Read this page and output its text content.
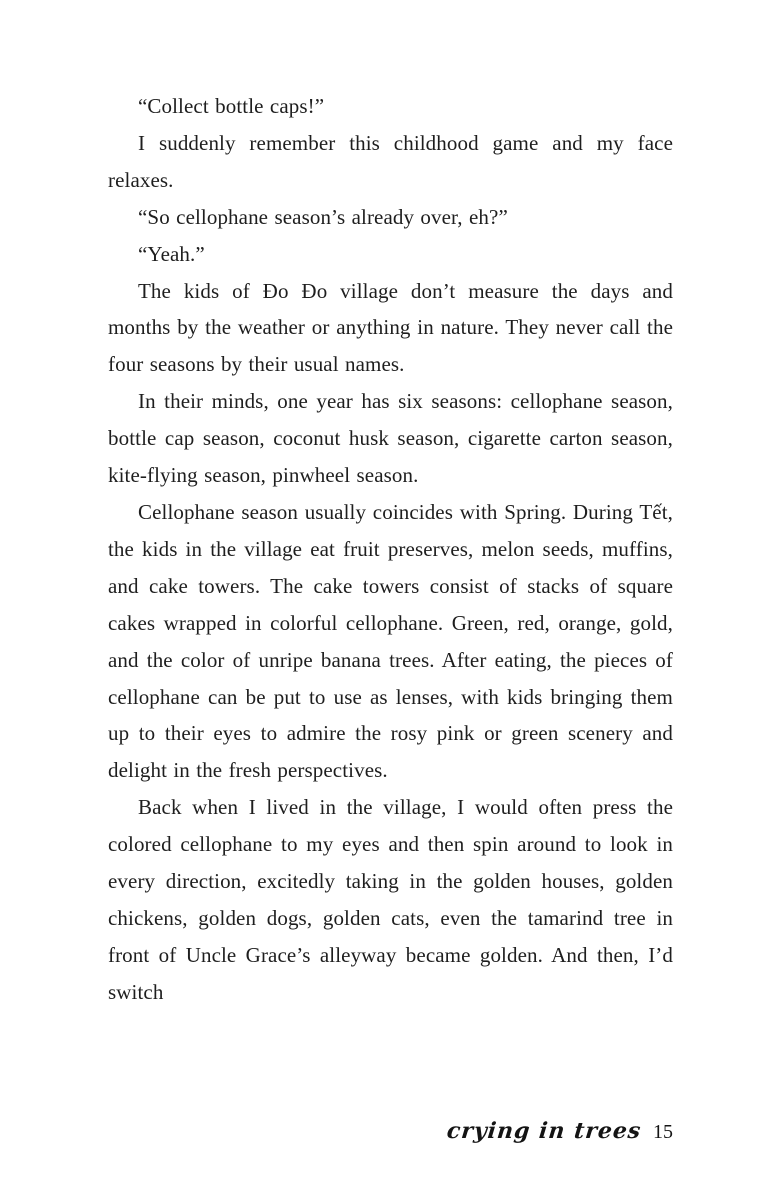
“Collect bottle caps!”

I suddenly remember this childhood game and my face relaxes.

“So cellophane season’s already over, eh?”

“Yeah.”

The kids of Đo Đo village don’t measure the days and months by the weather or anything in nature. They never call the four seasons by their usual names.

In their minds, one year has six seasons: cellophane season, bottle cap season, coconut husk season, cigarette carton season, kite-flying season, pinwheel season.

Cellophane season usually coincides with Spring. During Tết, the kids in the village eat fruit preserves, melon seeds, muffins, and cake towers. The cake towers consist of stacks of square cakes wrapped in colorful cellophane. Green, red, orange, gold, and the color of unripe banana trees. After eating, the pieces of cellophane can be put to use as lenses, with kids bringing them up to their eyes to admire the rosy pink or green scenery and delight in the fresh perspectives.

Back when I lived in the village, I would often press the colored cellophane to my eyes and then spin around to look in every direction, excitedly taking in the golden houses, golden chickens, golden dogs, golden cats, even the tamarind tree in front of Uncle Grace’s alleyway became golden. And then, I’d switch

crying in trees 15
